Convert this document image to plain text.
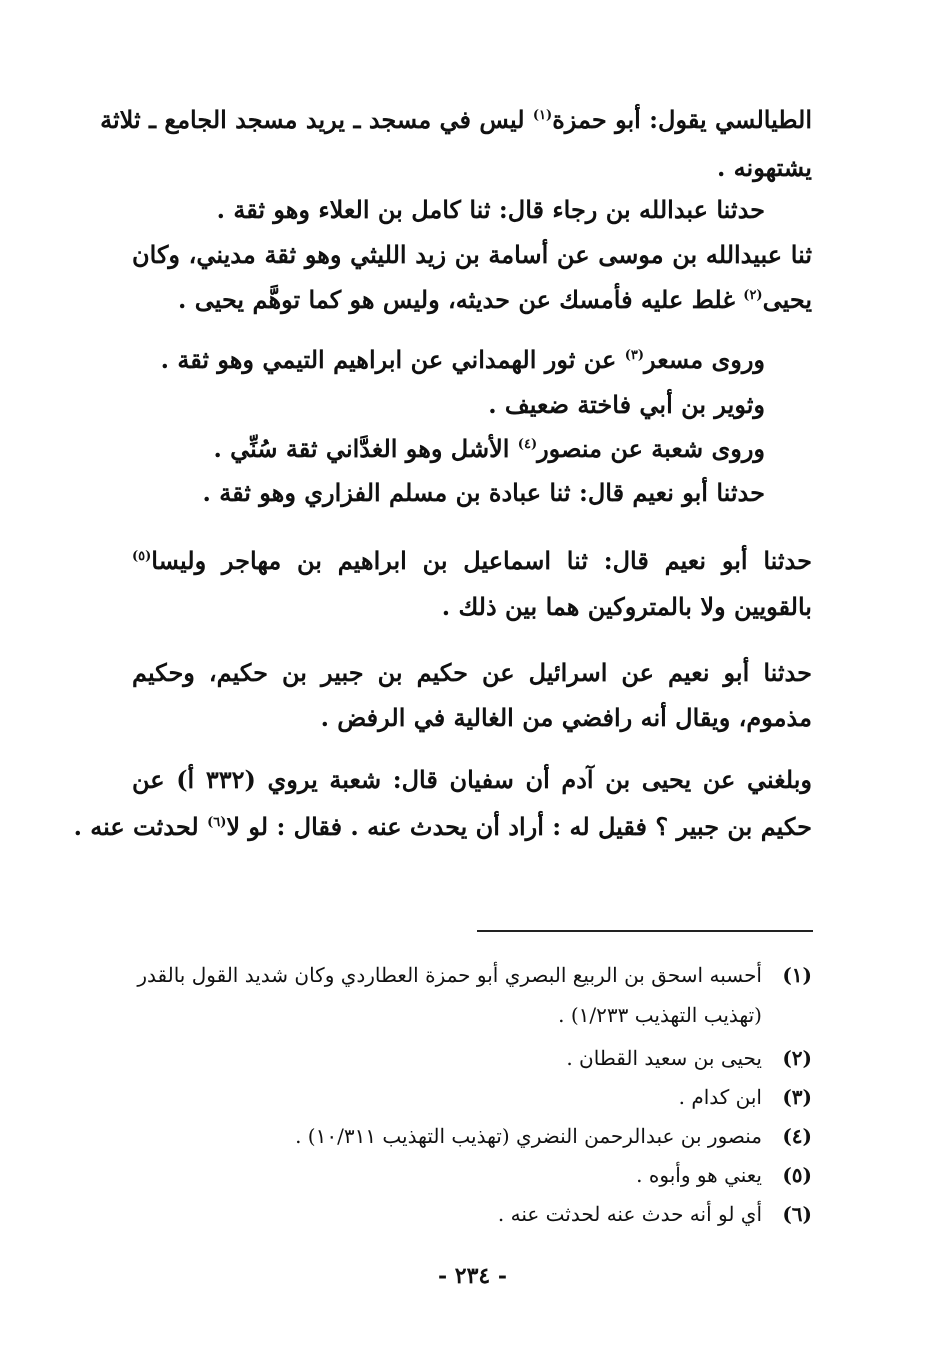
الطيالسي يقول: أبو حمزة$^{(١)}$ ليس في مسجد ـ يريد مسجد الجامع ـ ثلاثة
يشتهونه .
حدثنا عبدالله بن رجاء قال: ثنا كامل بن العلاء وهو ثقة .
ثنا عبيدالله بن موسى عن أسامة بن زيد الليثي وهو ثقة مديني، وكان
يحيى$^{(٢)}$ غلط عليه فأمسك عن حديثه، وليس هو كما توهَّم يحيى .
وروى مسعر$^{(٣)}$ عن ثور الهمداني عن ابراهيم التيمي وهو ثقة .
وثوير بن أبي فاختة ضعيف .
وروى شعبة عن منصور$^{(٤)}$ الأشل وهو الغدَّاني ثقة سُنِّي .
حدثنا أبو نعيم قال: ثنا عبادة بن مسلم الفزاري وهو ثقة .
حدثنا أبو نعيم قال: ثنا اسماعيل بن ابراهيم بن مهاجر وليسا$^{(٥)}$
بالقويين ولا بالمتروكين هما بين ذلك .
حدثنا أبو نعيم عن اسرائيل عن حكيم بن جبير بن حكيم، وحكيم
مذموم، ويقال أنه رافضي من الغالية في الرفض .
وبلغني عن يحيى بن آدم أن سفيان قال: شعبة يروي (٣٣٢ أ) عن
حكيم بن جبير ؟ فقيل له : أراد أن يحدث عنه . فقال : لو لا$^{(٦)}$ لحدثت عنه .
(١)أحسبه اسحق بن الربيع البصري أبو حمزة العطاردي وكان شديد القول بالقدر
(تهذيب التهذيب ١/٢٣٣) .
(٢)يحيى بن سعيد القطان .
(٣)ابن كدام .
(٤)منصور بن عبدالرحمن النضري (تهذيب التهذيب ١٠/٣١١) .
(٥)يعني هو وأبوه .
(٦)أي لو أنه حدث عنه لحدثت عنه .
- ٢٣٤ -
